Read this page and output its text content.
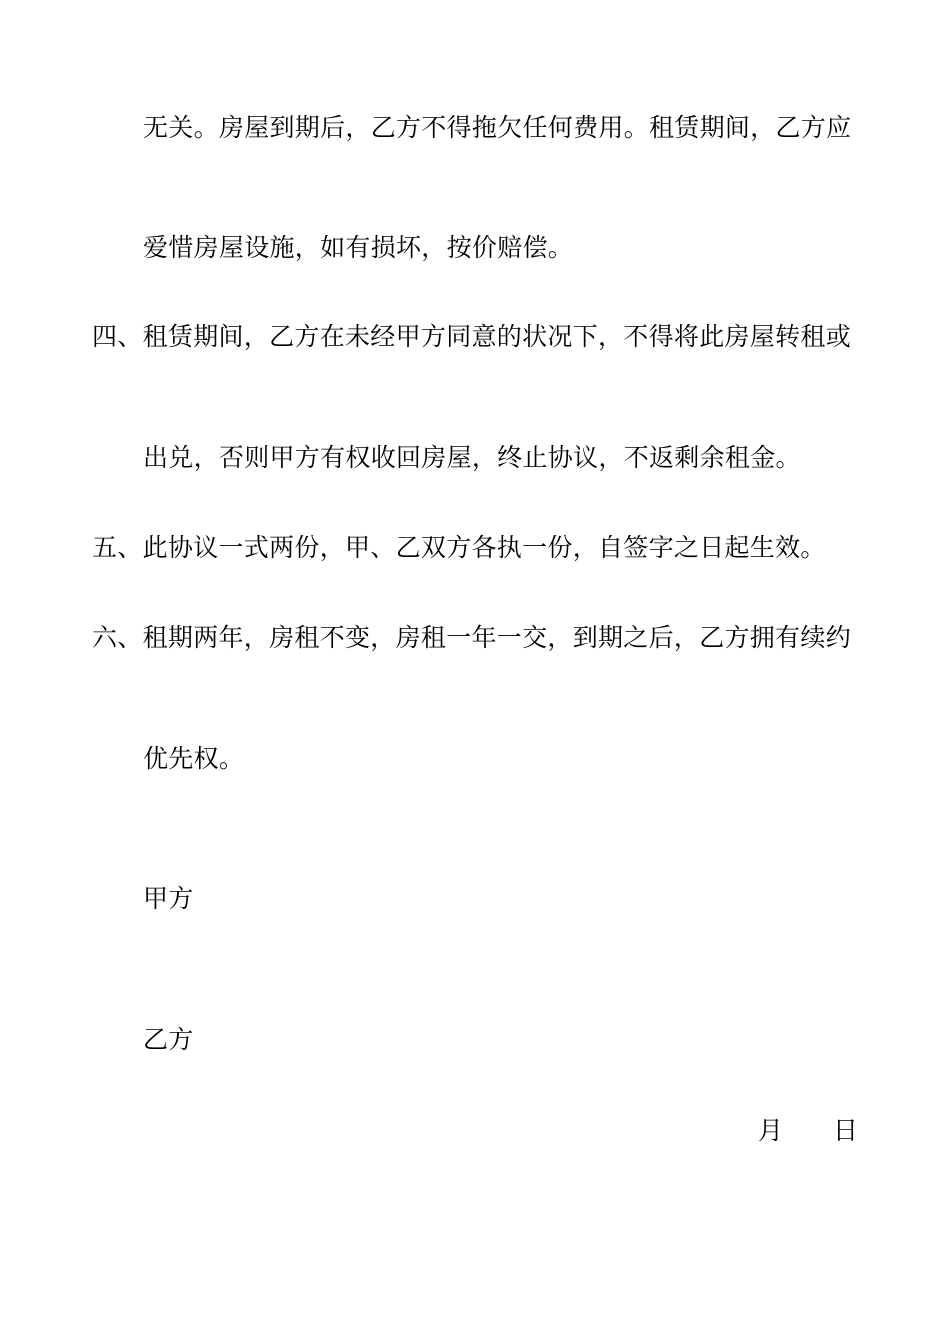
无关。房屋到期后，乙方不得拖欠任何费用。租赁期间，乙方应
爱惜房屋设施，如有损坏，按价赔偿。
四、租赁期间，乙方在未经甲方同意的状况下，不得将此房屋转租或
出兑，否则甲方有权收回房屋，终止协议，不返剩余租金。
五、此协议一式两份，甲、乙双方各执一份，自签字之日起生效。
六、租期两年，房租不变，房租一年一交，到期之后，乙方拥有续约
优先权。
甲方
乙方
月 日
